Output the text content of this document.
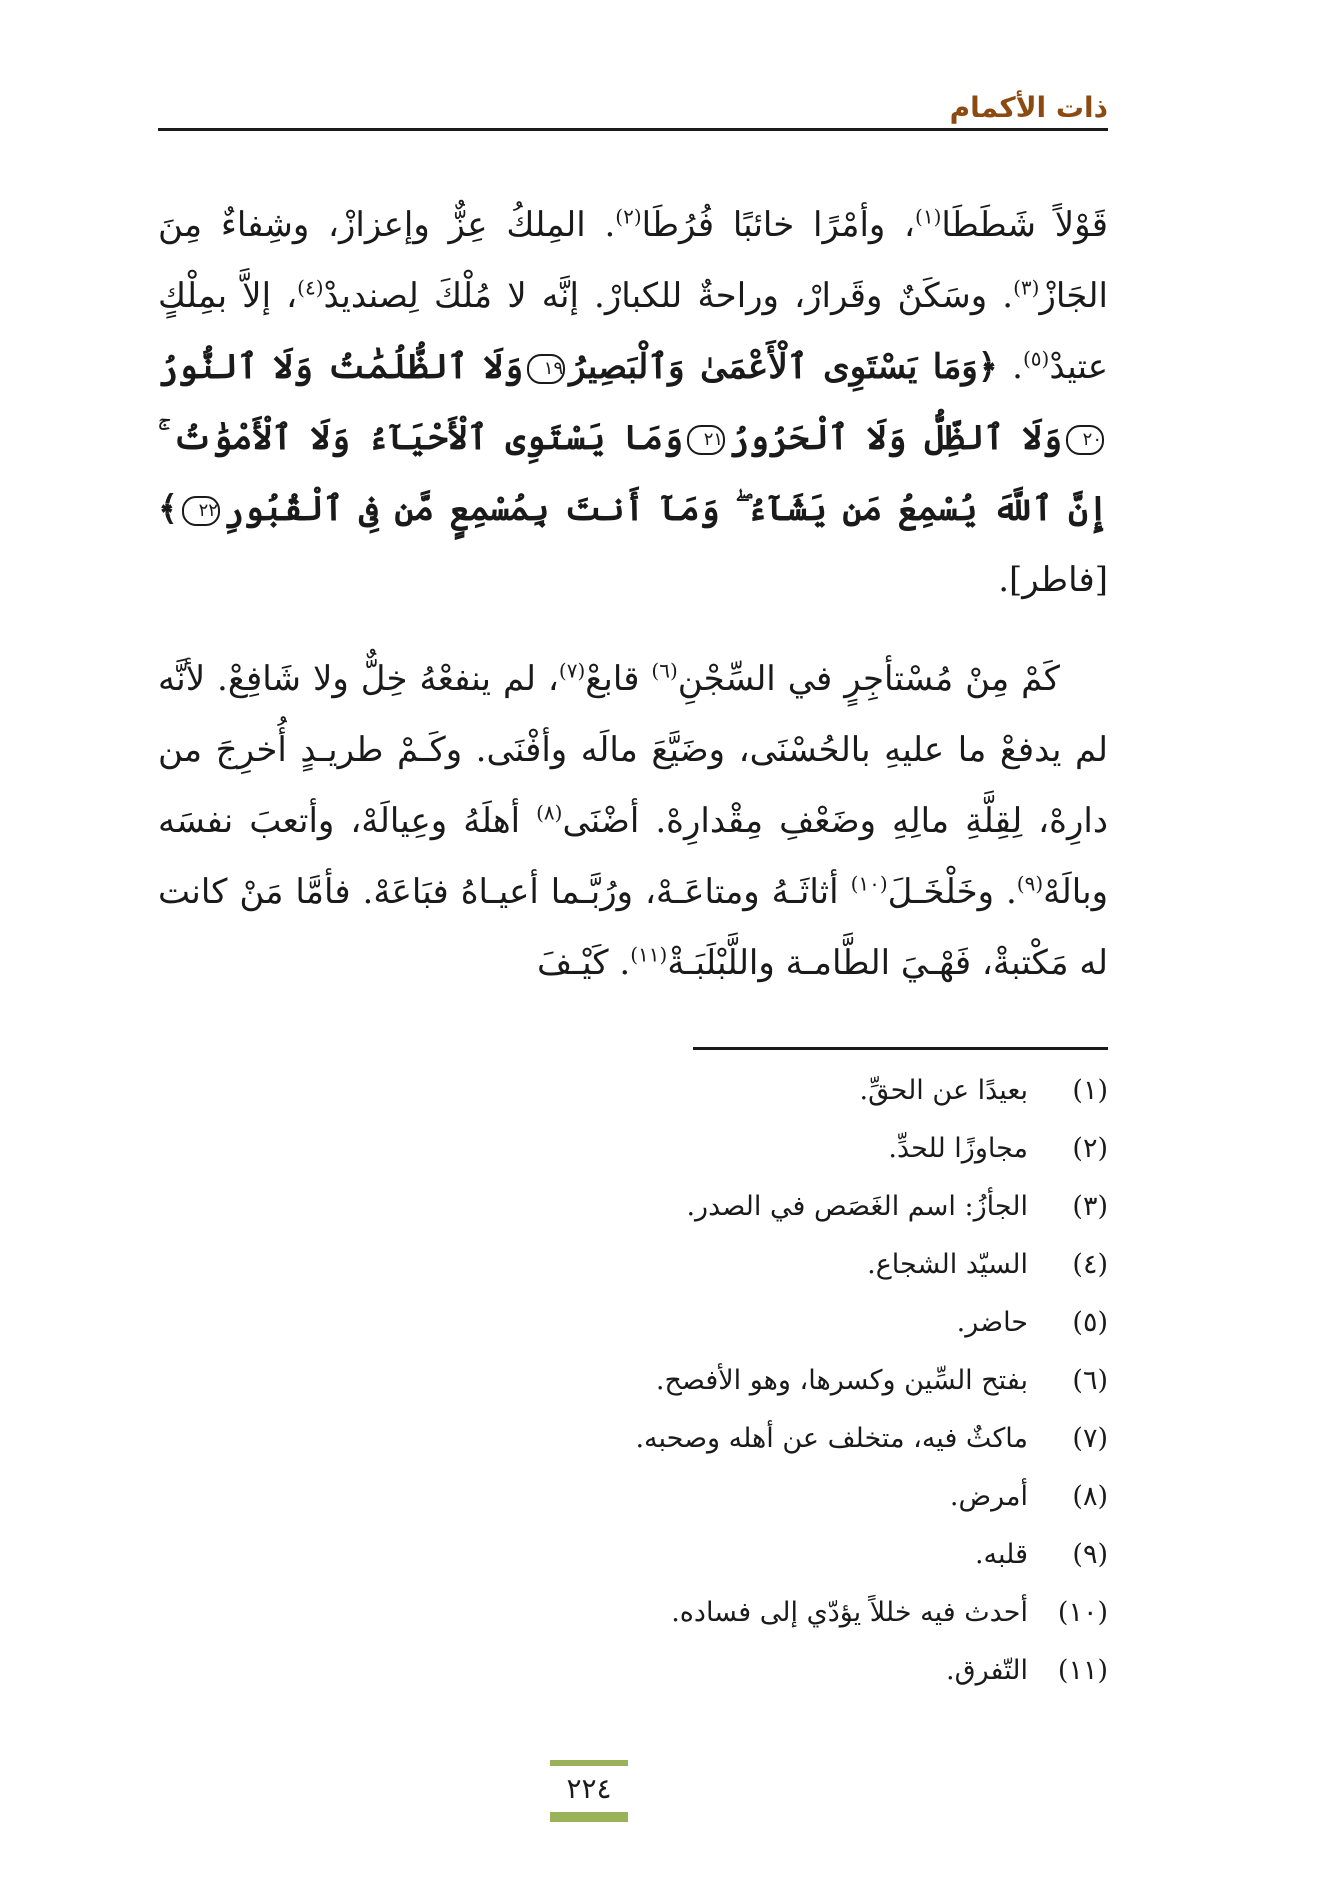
ذات الأكمام

قَوْلاً شَطَطَا$^{(١)}$، وأمْرًا خائبًا فُرُطَا$^{(٢)}$. المِلكُ عِزٌّ وإعزازْ، وشِفاءٌ مِنَ الجَازْ$^{(٣)}$. وسَكَنٌ وقَرارْ، وراحةٌ للكبارْ. إنَّه لا مُلْكَ لِصنديدْ$^{(٤)}$، إلاَّ بمِلْكٍ عتيدْ$^{(٥)}$. ﴿وَمَا يَسْتَوِى ٱلْأَعْمَىٰ وَٱلْبَصِيرُ١٩وَلَا ٱلظُّلُمَٰتُ وَلَا ٱلنُّورُ٢٠وَلَا ٱلظِّلُّ وَلَا ٱلْحَرُورُ٢١وَمَا يَسْتَوِى ٱلْأَحْيَآءُ وَلَا ٱلْأَمْوَٰتُ ۚ إِنَّ ٱللَّهَ يُسْمِعُ مَن يَشَآءُ ۖ وَمَآ أَنتَ بِمُسْمِعٍ مَّن فِى ٱلْقُبُورِ٢٢﴾ [فاطر].

كَمْ مِنْ مُسْتأجِرٍ في السِّجْنِ$^{(٦)}$ قابعْ$^{(٧)}$، لم ينفعْهُ خِلٌّ ولا شَافِعْ. لأنَّه لم يدفعْ ما عليهِ بالحُسْنَى، وضَيَّعَ مالَه وأفْنَى. وكَـمْ طريـدٍ أُخرِجَ من دارِهْ، لِقِلَّةِ مالِهِ وضَعْفِ مِقْدارِهْ. أضْنَى$^{(٨)}$ أهلَهُ وعِيالَهْ، وأتعبَ نفسَه وبالَهْ$^{(٩)}$. وخَلْخَـلَ$^{(١٠)}$ أثاثَـهُ ومتاعَـهْ، ورُبَّـما أعيـاهُ فبَاعَهْ. فأمَّا مَنْ كانت له مَكْتبةْ، فَهْـيَ الطَّامـة واللَّبْلَبَـةْ$^{(١١)}$. كَيْـفَ

(١)بعيدًا عن الحقِّ.
(٢)مجاوزًا للحدِّ.
(٣)الجأزُ: اسم الغَصَص في الصدر.
(٤)السيّد الشجاع.
(٥)حاضر.
(٦)بفتح السِّين وكسرها، وهو الأفصح.
(٧)ماكثٌ فيه، متخلف عن أهله وصحبه.
(٨)أمرض.
(٩)قلبه.
(١٠)أحدث فيه خللاً يؤدّي إلى فساده.
(١١)التّفرق.
٢٢٤
